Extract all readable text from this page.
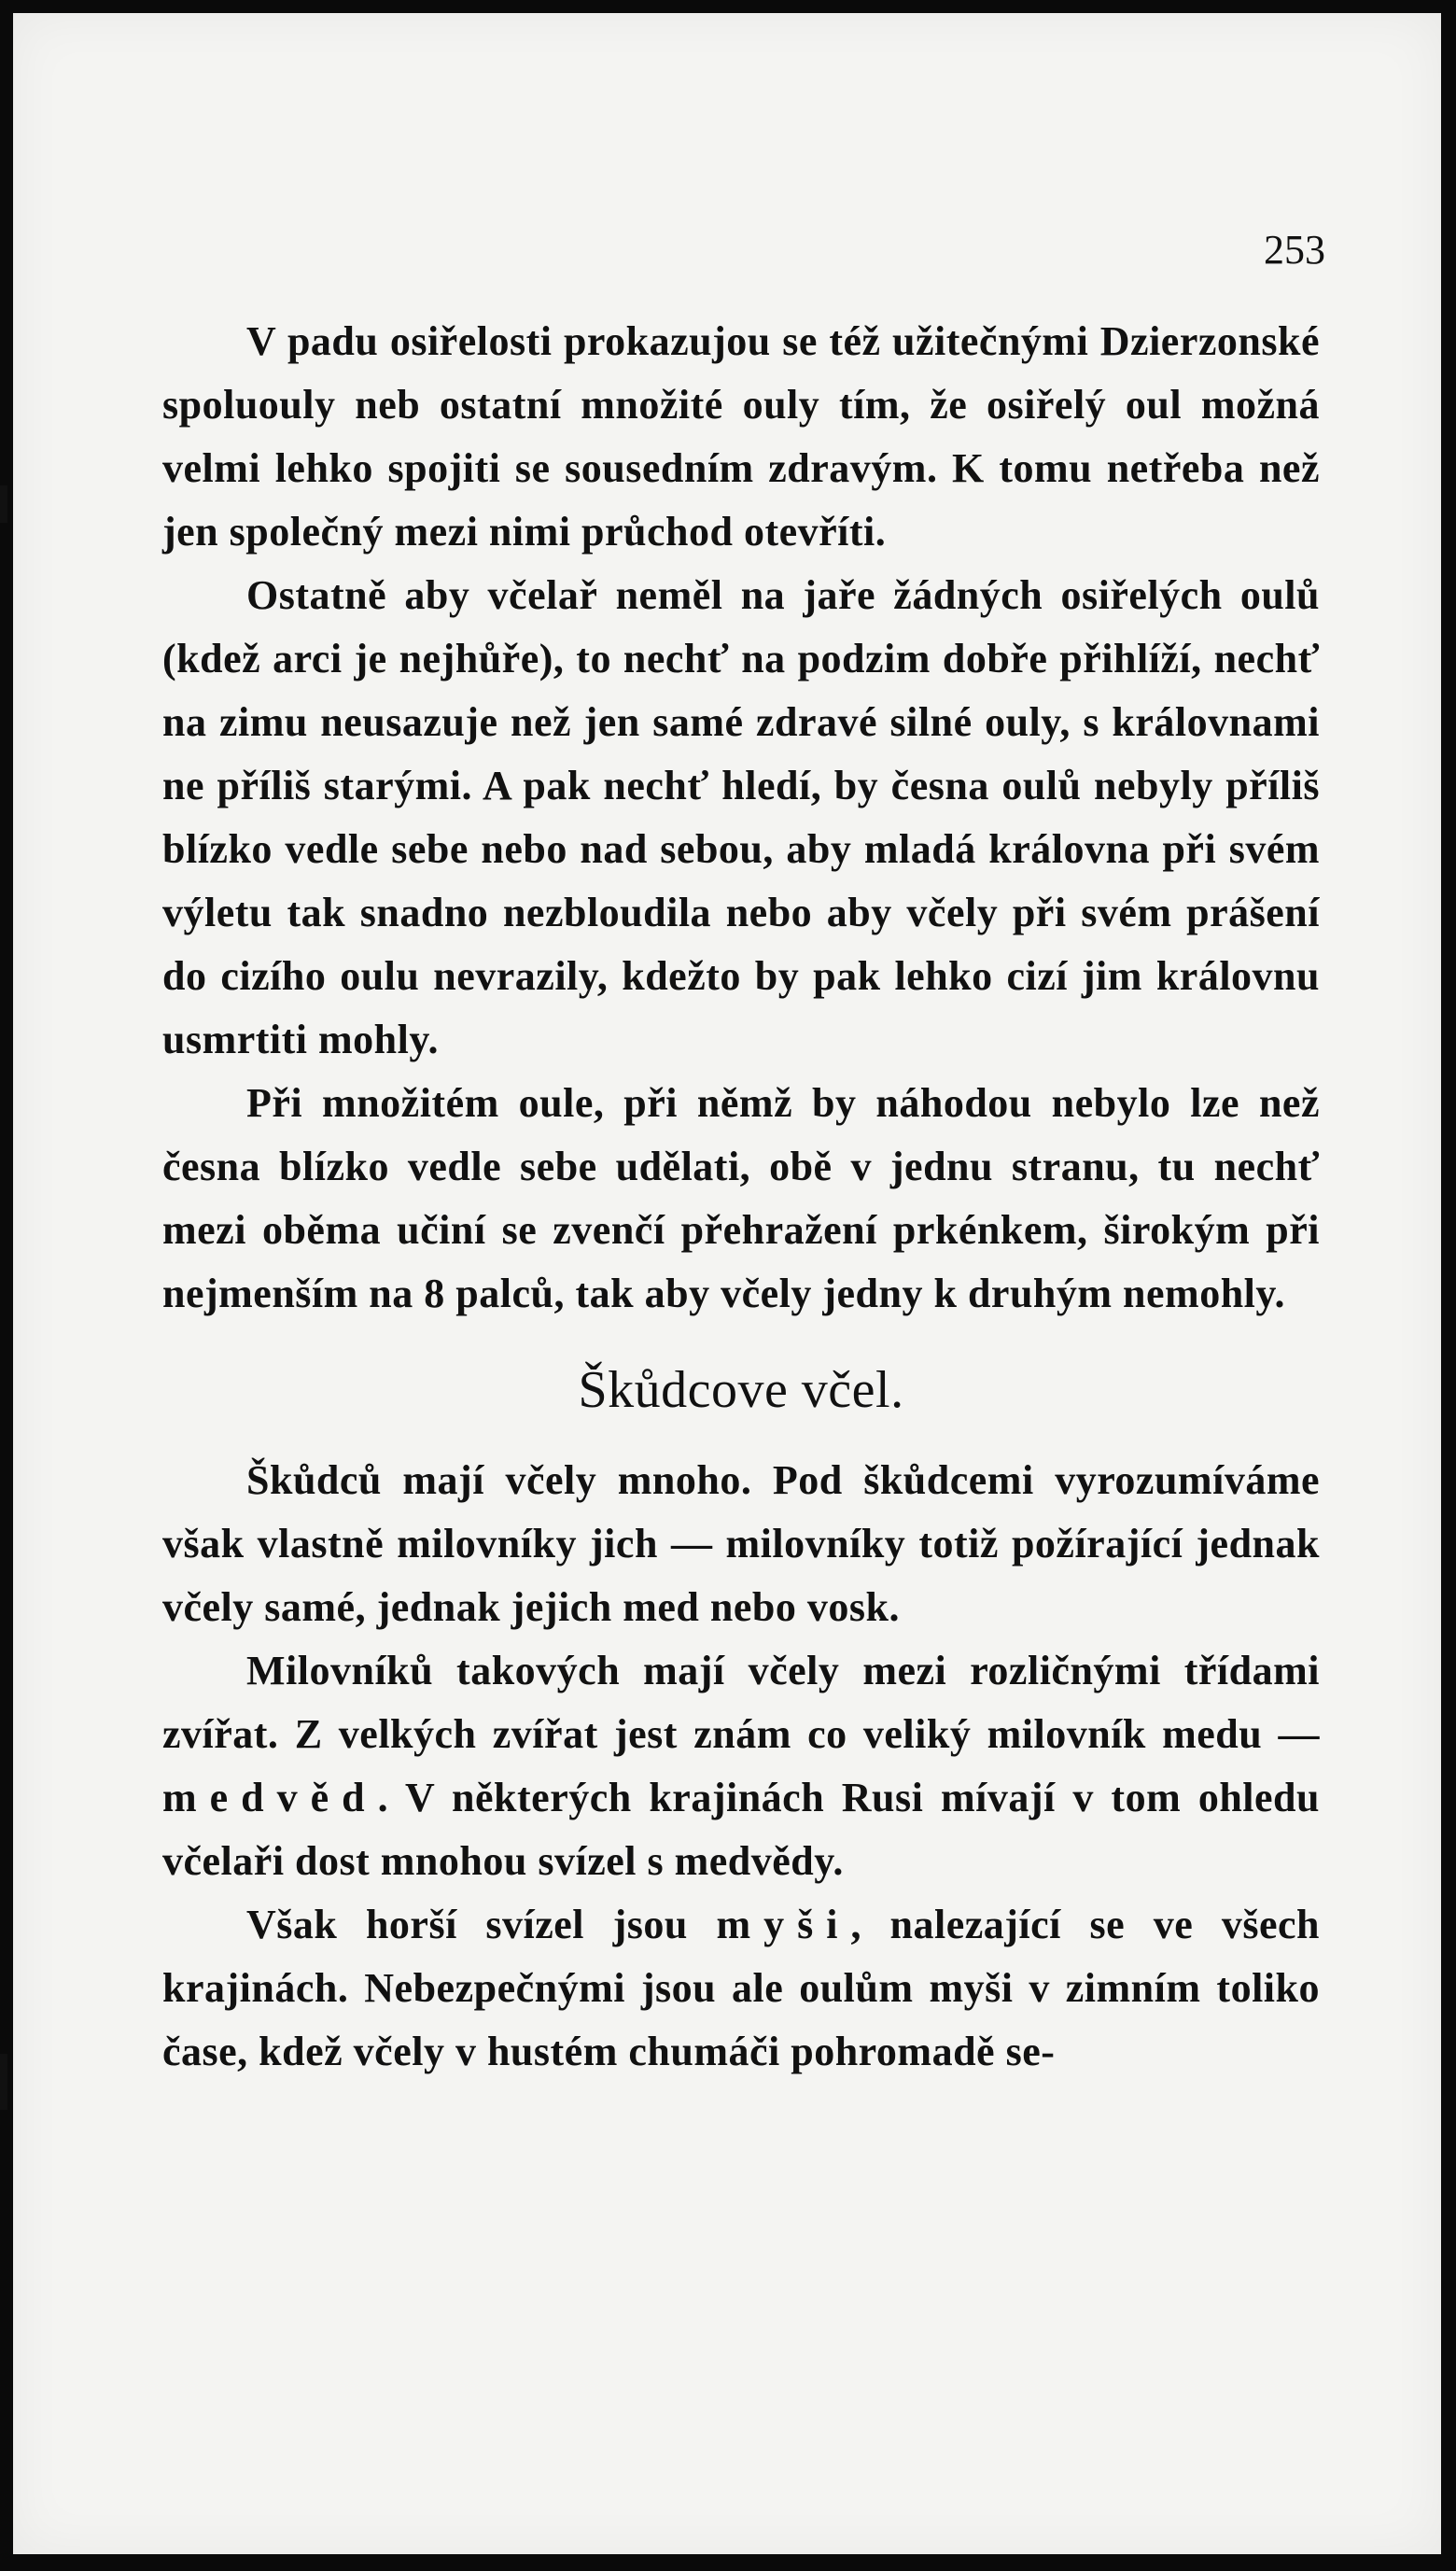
253

V padu osiřelosti prokazujou se též užitečnými Dzierzonské spoluouly neb ostatní množité ouly tím, že osiřelý oul možná velmi lehko spojiti se sousedním zdravým. K tomu netřeba než jen společný mezi nimi průchod otevříti.

Ostatně aby včelař neměl na jaře žádných osiřelých oulů (kdež arci je nejhůře), to nechť na podzim dobře přihlíží, nechť na zimu neusazuje než jen samé zdravé silné ouly, s královnami ne příliš starými. A pak nechť hledí, by česna oulů nebyly příliš blízko vedle sebe nebo nad sebou, aby mladá královna při svém výletu tak snadno nezbloudila nebo aby včely při svém prášení do cizího oulu nevrazily, kdežto by pak lehko cizí jim královnu usmrtiti mohly.

Při množitém oule, při němž by náhodou nebylo lze než česna blízko vedle sebe udělati, obě v jednu stranu, tu nechť mezi oběma učiní se zvenčí přehražení prkénkem, širokým při nejmenším na 8 palců, tak aby včely jedny k druhým nemohly.

Škůdcove včel.

Škůdců mají včely mnoho. Pod škůdcemi vyrozumíváme však vlastně milovníky jich — milovníky totiž požírající jednak včely samé, jednak jejich med nebo vosk.

Milovníků takových mají včely mezi rozličnými třídami zvířat. Z velkých zvířat jest znám co veliký milovník medu — medvěd. V některých krajinách Rusi mívají v tom ohledu včelaři dost mnohou svízel s medvědy.

Však horší svízel jsou myši, nalezající se ve všech krajinách. Nebezpečnými jsou ale oulům myši v zimním toliko čase, kdež včely v hustém chumáči pohromadě se-
